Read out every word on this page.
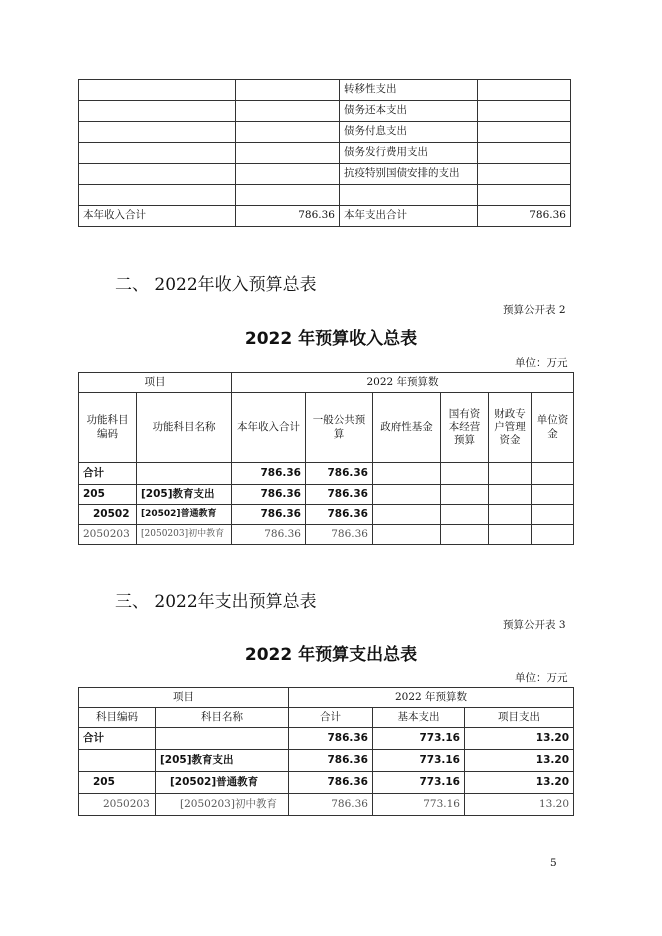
		转移性支出	
		债务还本支出	
		债务付息支出	
		债务发行费用支出	
		抗疫特别国债安排的支出	

本年收入合计	786.36	本年支出合计	786.36
二、 2022年收入预算总表
预算公开表 2
2022 年预算收入总表
单位：万元
项目		2022 年预算数					
功能科目编码	功能科目名称	本年收入合计	一般公共预算	政府性基金	国有资本经营预算	财政专户管理资金	单位资金
合计		786.36	786.36				
205	[205]教育支出	786.36	786.36				
20502	[20502]普通教育	786.36	786.36				
2050203	[2050203]初中教育	786.36	786.36				
三、 2022年支出预算总表
预算公开表 3
2022 年预算支出总表
单位：万元
项目		2022 年预算数		
科目编码	科目名称	合计	基本支出	项目支出
合计		786.36	773.16	13.20
	[205]教育支出	786.36	773.16	13.20
205	[20502]普通教育	786.36	773.16	13.20
2050203	[2050203]初中教育	786.36	773.16	13.20
5
